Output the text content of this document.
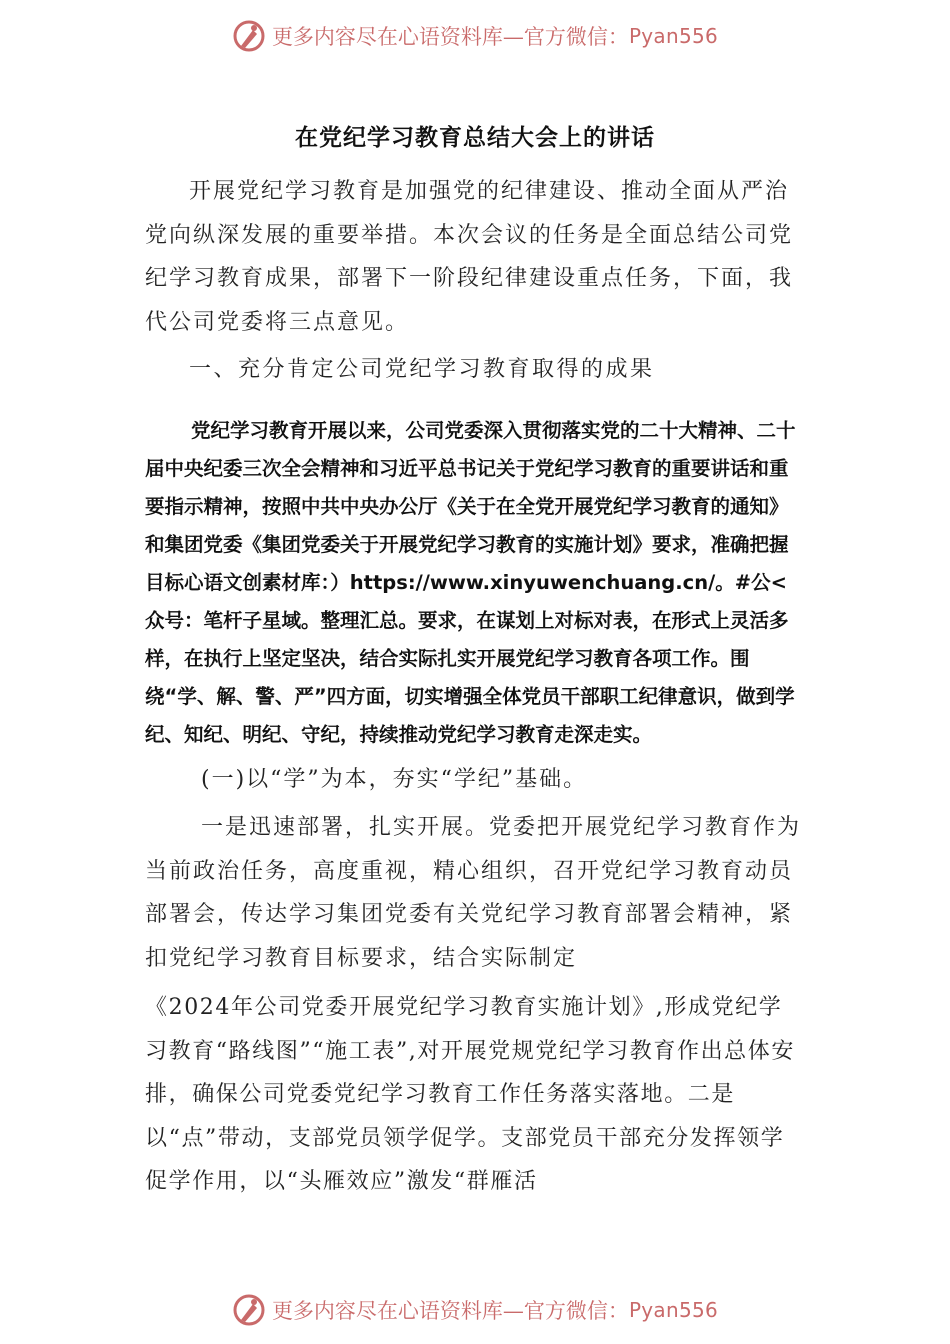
更多内容尽在心语资料库—官方微信： Pyan556
在党纪学习教育总结大会上的讲话

开展党纪学习教育是加强党的纪律建设、推动全面从严治党向纵深发展的重要举措。本次会议的任务是全面总结公司党纪学习教育成果，部署下一阶段纪律建设重点任务，下面，我代公司党委将三点意见。

一、充分肯定公司党纪学习教育取得的成果

党纪学习教育开展以来，公司党委深入贯彻落实党的二十大精神、二十届中央纪委三次全会精神和习近平总书记关于党纪学习教育的重要讲话和重要指示精神，按照中共中央办公厅《关于在全党开展党纪学习教育的通知》和集团党委《集团党委关于开展党纪学习教育的实施计划》要求，准确把握目标心语文创素材库：）https://www.xinyuwenchuang.cn/。#公<众号：笔杆子星域。整理汇总。要求，在谋划上对标对表，在形式上灵活多样，在执行上坚定坚决，结合实际扎实开展党纪学习教育各项工作。围绕“学、解、警、严”四方面，切实增强全体党员干部职工纪律意识，做到学纪、知纪、明纪、守纪，持续推动党纪学习教育走深走实。

(一)以“学”为本，夯实“学纪”基础。

一是迅速部署，扎实开展。党委把开展党纪学习教育作为当前政治任务，高度重视，精心组织，召开党纪学习教育动员部署会，传达学习集团党委有关党纪学习教育部署会精神，紧扣党纪学习教育目标要求，结合实际制定

《2024年公司党委开展党纪学习教育实施计划》,形成党纪学习教育“路线图”“施工表”,对开展党规党纪学习教育作出总体安排，确保公司党委党纪学习教育工作任务落实落地。二是以“点”带动，支部党员领学促学。支部党员干部充分发挥领学促学作用，以“头雁效应”激发“群雁活

更多内容尽在心语资料库—官方微信： Pyan556
